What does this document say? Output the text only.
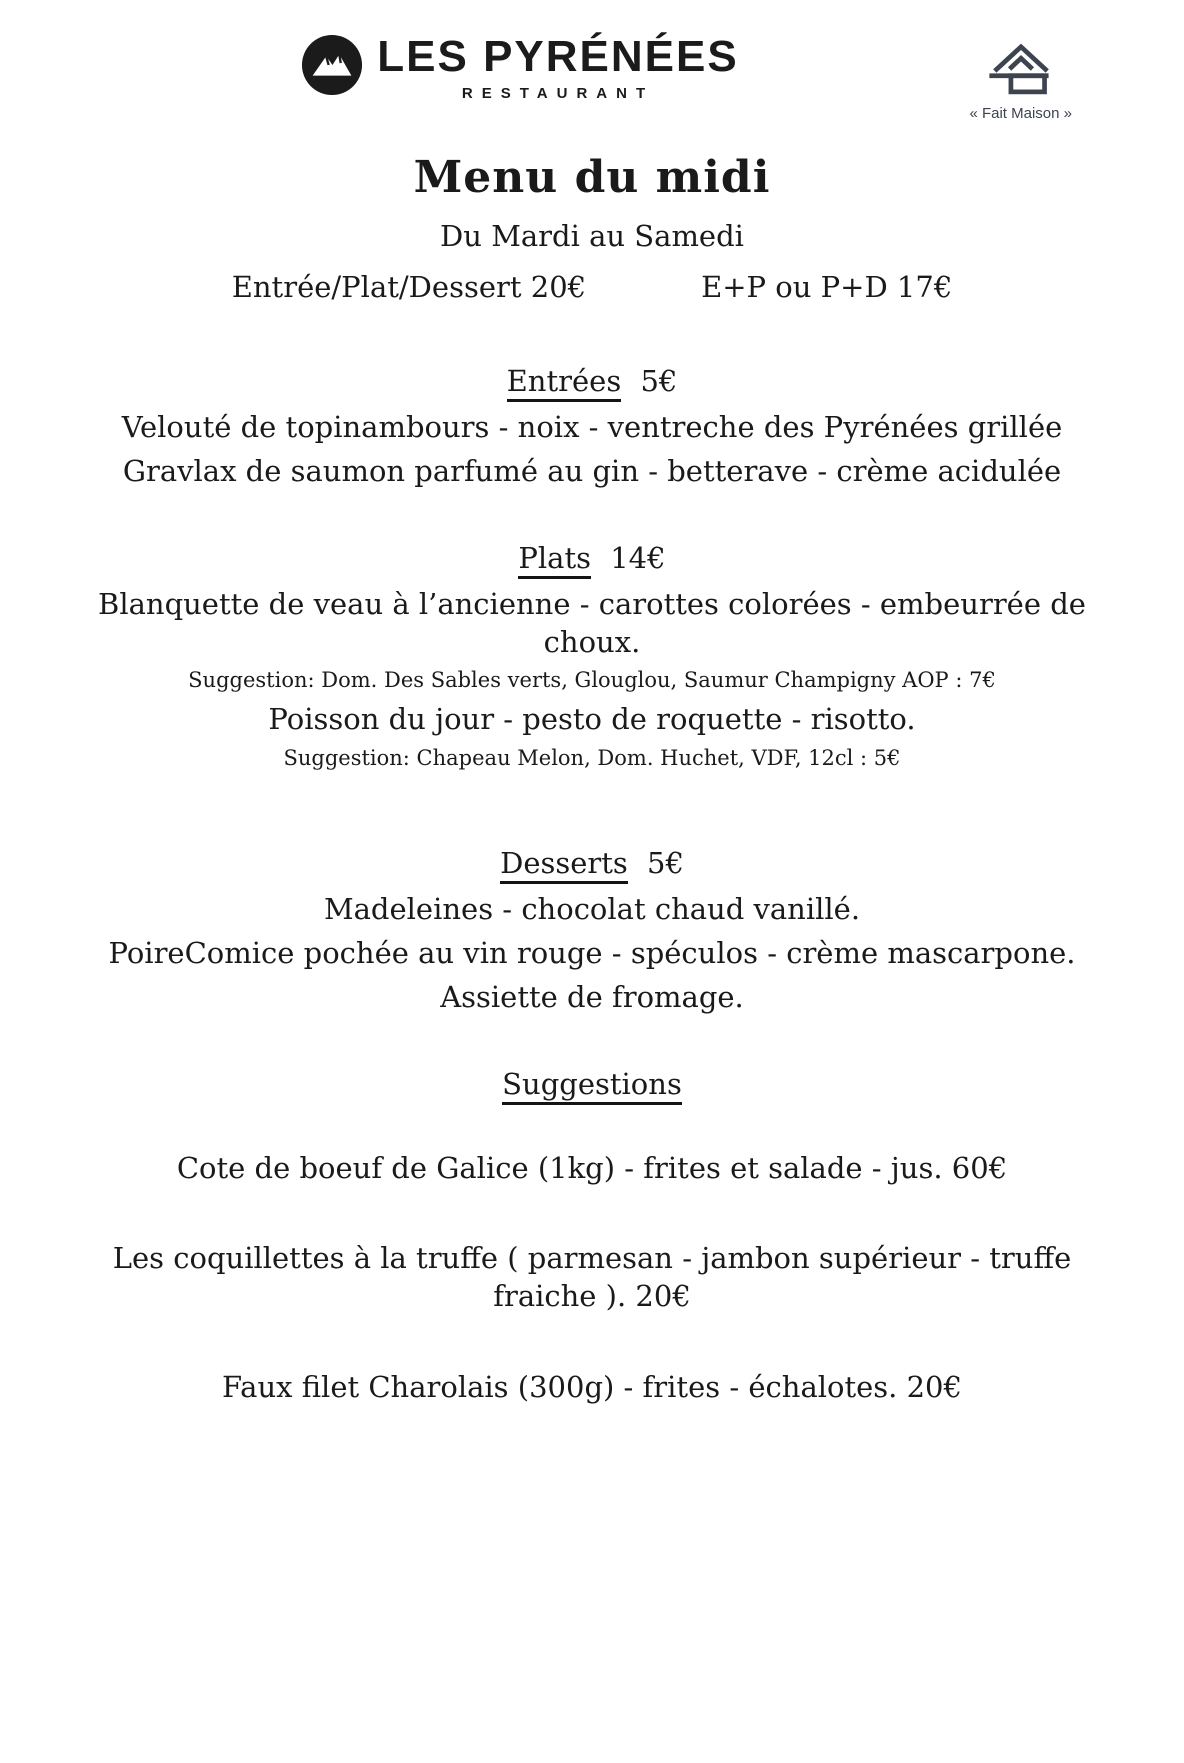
LES PYRÉNÉES
RESTAURANT
« Fait Maison »
Menu du midi
Du Mardi au Samedi
Entrée/Plat/Dessert 20€	E+P ou P+D 17€
Entrées 5€

Velouté de topinambours - noix - ventreche des Pyrénées grillée

Gravlax de saumon parfumé au gin - betterave - crème acidulée

Plats 14€

Blanquette de veau à l’ancienne - carottes colorées - embeurrée de choux.

Suggestion: Dom. Des Sables verts, Glouglou, Saumur Champigny AOP : 7€

Poisson du jour - pesto de roquette - risotto.

Suggestion: Chapeau Melon, Dom. Huchet, VDF, 12cl : 5€

Desserts 5€

Madeleines - chocolat chaud vanillé.

PoireComice pochée au vin rouge - spéculos - crème mascarpone.

Assiette de fromage.

Suggestions

Cote de boeuf de Galice (1kg) - frites et salade - jus. 60€

Les coquillettes à la truffe ( parmesan - jambon supérieur - truffe fraiche ). 20€

Faux filet Charolais (300g) - frites - échalotes. 20€
